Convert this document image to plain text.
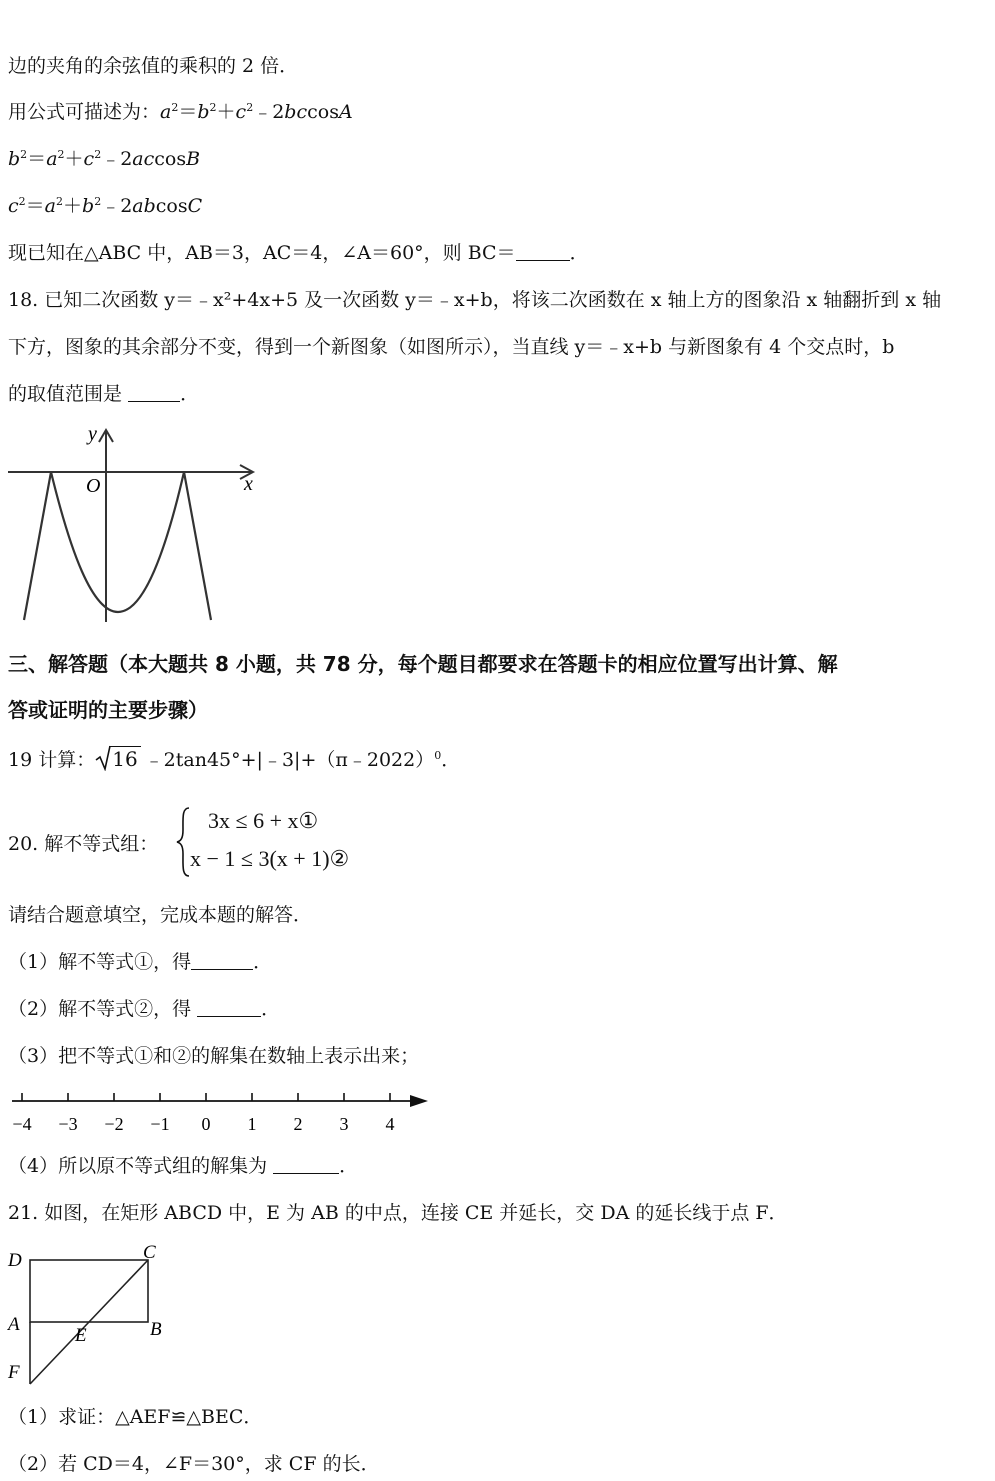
边的夹角的余弦值的乘积的 2 倍．
用公式可描述为：$a^2=b^2+c^2﹣2bccosA$
$b^2=a^2+c^2﹣2accosB$
$c^2=a^2+b^2﹣2abcosC$
现已知在△ABC 中，AB＝3，AC＝4，∠A＝60°，则 BC＝	．
18. 已知二次函数 y＝﹣x²+4x+5 及一次函数 y＝﹣x+b，将该二次函数在 x 轴上方的图象沿 x 轴翻折到 x 轴
下方，图象的其余部分不变，得到一个新图象（如图所示），当直线 y＝﹣x+b 与新图象有 4 个交点时，b
的取值范围是	．
y
x
O
三、解答题（本大题共 8 小题，共 78 分，每个题目都要求在答题卡的相应位置写出计算、解
答或证明的主要步骤）
19 计算： 16 ﹣2tan45°+|﹣3|+（π﹣2022）$^0$．
20. 解不等式组：
3x ≤ 6 + x①
x − 1 ≤ 3(x + 1)②
请结合题意填空，完成本题的解答．
（1）解不等式①，得	．
（2）解不等式②，得	．
（3）把不等式①和②的解集在数轴上表示出来；
−4 −3 −2 −1 0 1 2 3 4
（4）所以原不等式组的解集为	．
21. 如图，在矩形 ABCD 中，E 为 AB 的中点，连接 CE 并延长，交 DA 的延长线于点 F．
D	C
A	B
E
F
（1）求证：△AEF≌△BEC．
（2）若 CD＝4，∠F＝30°，求 CF 的长．
